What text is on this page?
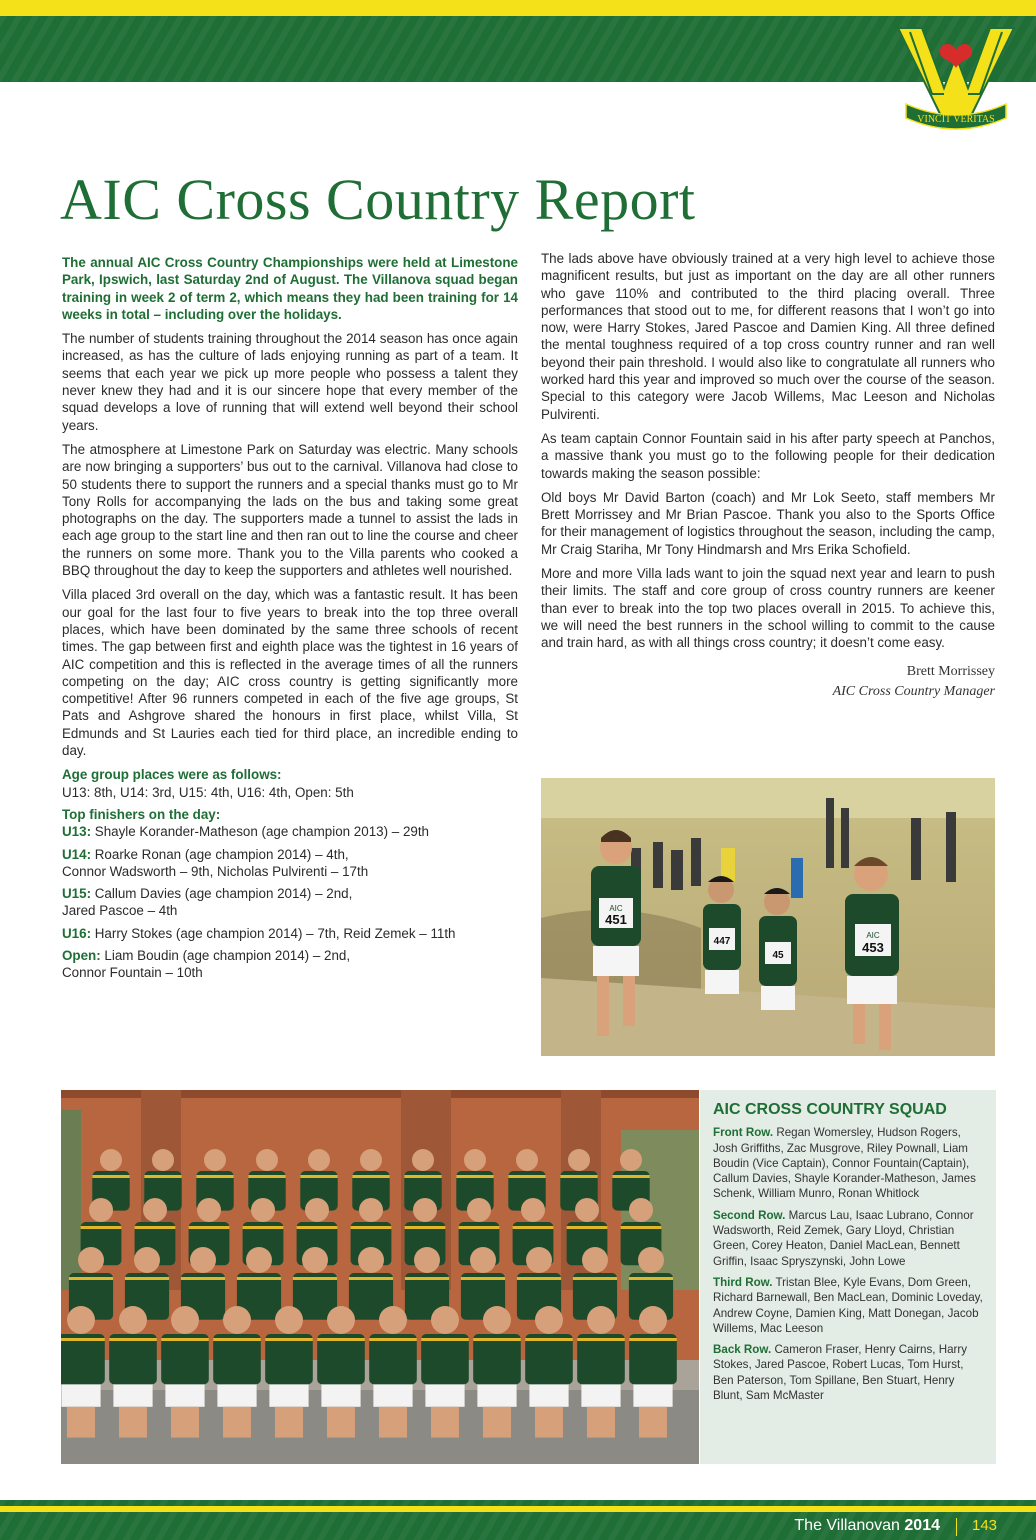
VINCIT VERITAS
AIC Cross Country Report

The annual AIC Cross Country Championships were held at Limestone Park, Ipswich, last Saturday 2nd of August. The Villanova squad began training in week 2 of term 2, which means they had been training for 14 weeks in total – including over the holidays.

The number of students training throughout the 2014 season has once again increased, as has the culture of lads enjoying running as part of a team. It seems that each year we pick up more people who possess a talent they never knew they had and it is our sincere hope that every member of the squad develops a love of running that will extend well beyond their school years.

The atmosphere at Limestone Park on Saturday was electric. Many schools are now bringing a supporters’ bus out to the carnival. Villanova had close to 50 students there to support the runners and a special thanks must go to Mr Tony Rolls for accompanying the lads on the bus and taking some great photographs on the day. The supporters made a tunnel to assist the lads in each age group to the start line and then ran out to line the course and cheer the runners on some more. Thank you to the Villa parents who cooked a BBQ throughout the day to keep the supporters and athletes well nourished.

Villa placed 3rd overall on the day, which was a fantastic result. It has been our goal for the last four to five years to break into the top three overall places, which have been dominated by the same three schools of recent times. The gap between first and eighth place was the tightest in 16 years of AIC competition and this is reflected in the average times of all the runners competing on the day; AIC cross country is getting significantly more competitive! After 96 runners competed in each of the five age groups, St Pats and Ashgrove shared the honours in first place, whilst Villa, St Edmunds and St Lauries each tied for third place, an incredible ending to day.

Age group places were as follows:
U13: 8th, U14: 3rd, U15: 4th, U16: 4th, Open: 5th
Top finishers on the day:
U13: Shayle Korander-Matheson (age champion 2013) – 29th
U14: Roarke Ronan (age champion 2014) – 4th,
Connor Wadsworth – 9th, Nicholas Pulvirenti – 17th
U15: Callum Davies (age champion 2014) – 2nd,
Jared Pascoe – 4th
U16: Harry Stokes (age champion 2014) – 7th, Reid Zemek – 11th
Open: Liam Boudin (age champion 2014) – 2nd,
Connor Fountain – 10th

The lads above have obviously trained at a very high level to achieve those magnificent results, but just as important on the day are all other runners who gave 110% and contributed to the third placing overall. Three performances that stood out to me, for different reasons that I won’t go into now, were Harry Stokes, Jared Pascoe and Damien King. All three defined the mental toughness required of a top cross country runner and ran well beyond their pain threshold. I would also like to congratulate all runners who worked hard this year and improved so much over the course of the season. Special to this category were Jacob Willems, Mac Leeson and Nicholas Pulvirenti.

As team captain Connor Fountain said in his after party speech at Panchos, a massive thank you must go to the following people for their dedication towards making the season possible:

Old boys Mr David Barton (coach) and Mr Lok Seeto, staff members Mr Brett Morrissey and Mr Brian Pascoe. Thank you also to the Sports Office for their management of logistics throughout the season, including the camp, Mr Craig Stariha, Mr Tony Hindmarsh and Mrs Erika Schofield.

More and more Villa lads want to join the squad next year and learn to push their limits. The staff and core group of cross country runners are keener than ever to break into the top two places overall in 2015. To achieve this, we will need the best runners in the school willing to commit to the cause and train hard, as with all things cross country; it doesn’t come easy.

Brett Morrissey
AIC Cross Country Manager
AIC
451
447
45
AIC
453
AIC CROSS COUNTRY SQUAD

Front Row. Regan Womersley, Hudson Rogers, Josh Griffiths, Zac Musgrove, Riley Pownall, Liam Boudin (Vice Captain), Connor Fountain(Captain), Callum Davies, Shayle Korander-Matheson, James Schenk, William Munro, Ronan Whitlock

Second Row. Marcus Lau, Isaac Lubrano, Connor Wadsworth, Reid Zemek, Gary Lloyd, Christian Green, Corey Heaton, Daniel MacLean, Bennett Griffin, Isaac Spryszynski, John Lowe

Third Row. Tristan Blee, Kyle Evans, Dom Green, Richard Barnewall, Ben MacLean, Dominic Loveday, Andrew Coyne, Damien King, Matt Donegan, Jacob Willems, Mac Leeson

Back Row. Cameron Fraser, Henry Cairns, Harry Stokes, Jared Pascoe, Robert Lucas, Tom Hurst, Ben Paterson, Tom Spillane, Ben Stuart, Henry Blunt, Sam McMaster

The Villanovan 2014 143
